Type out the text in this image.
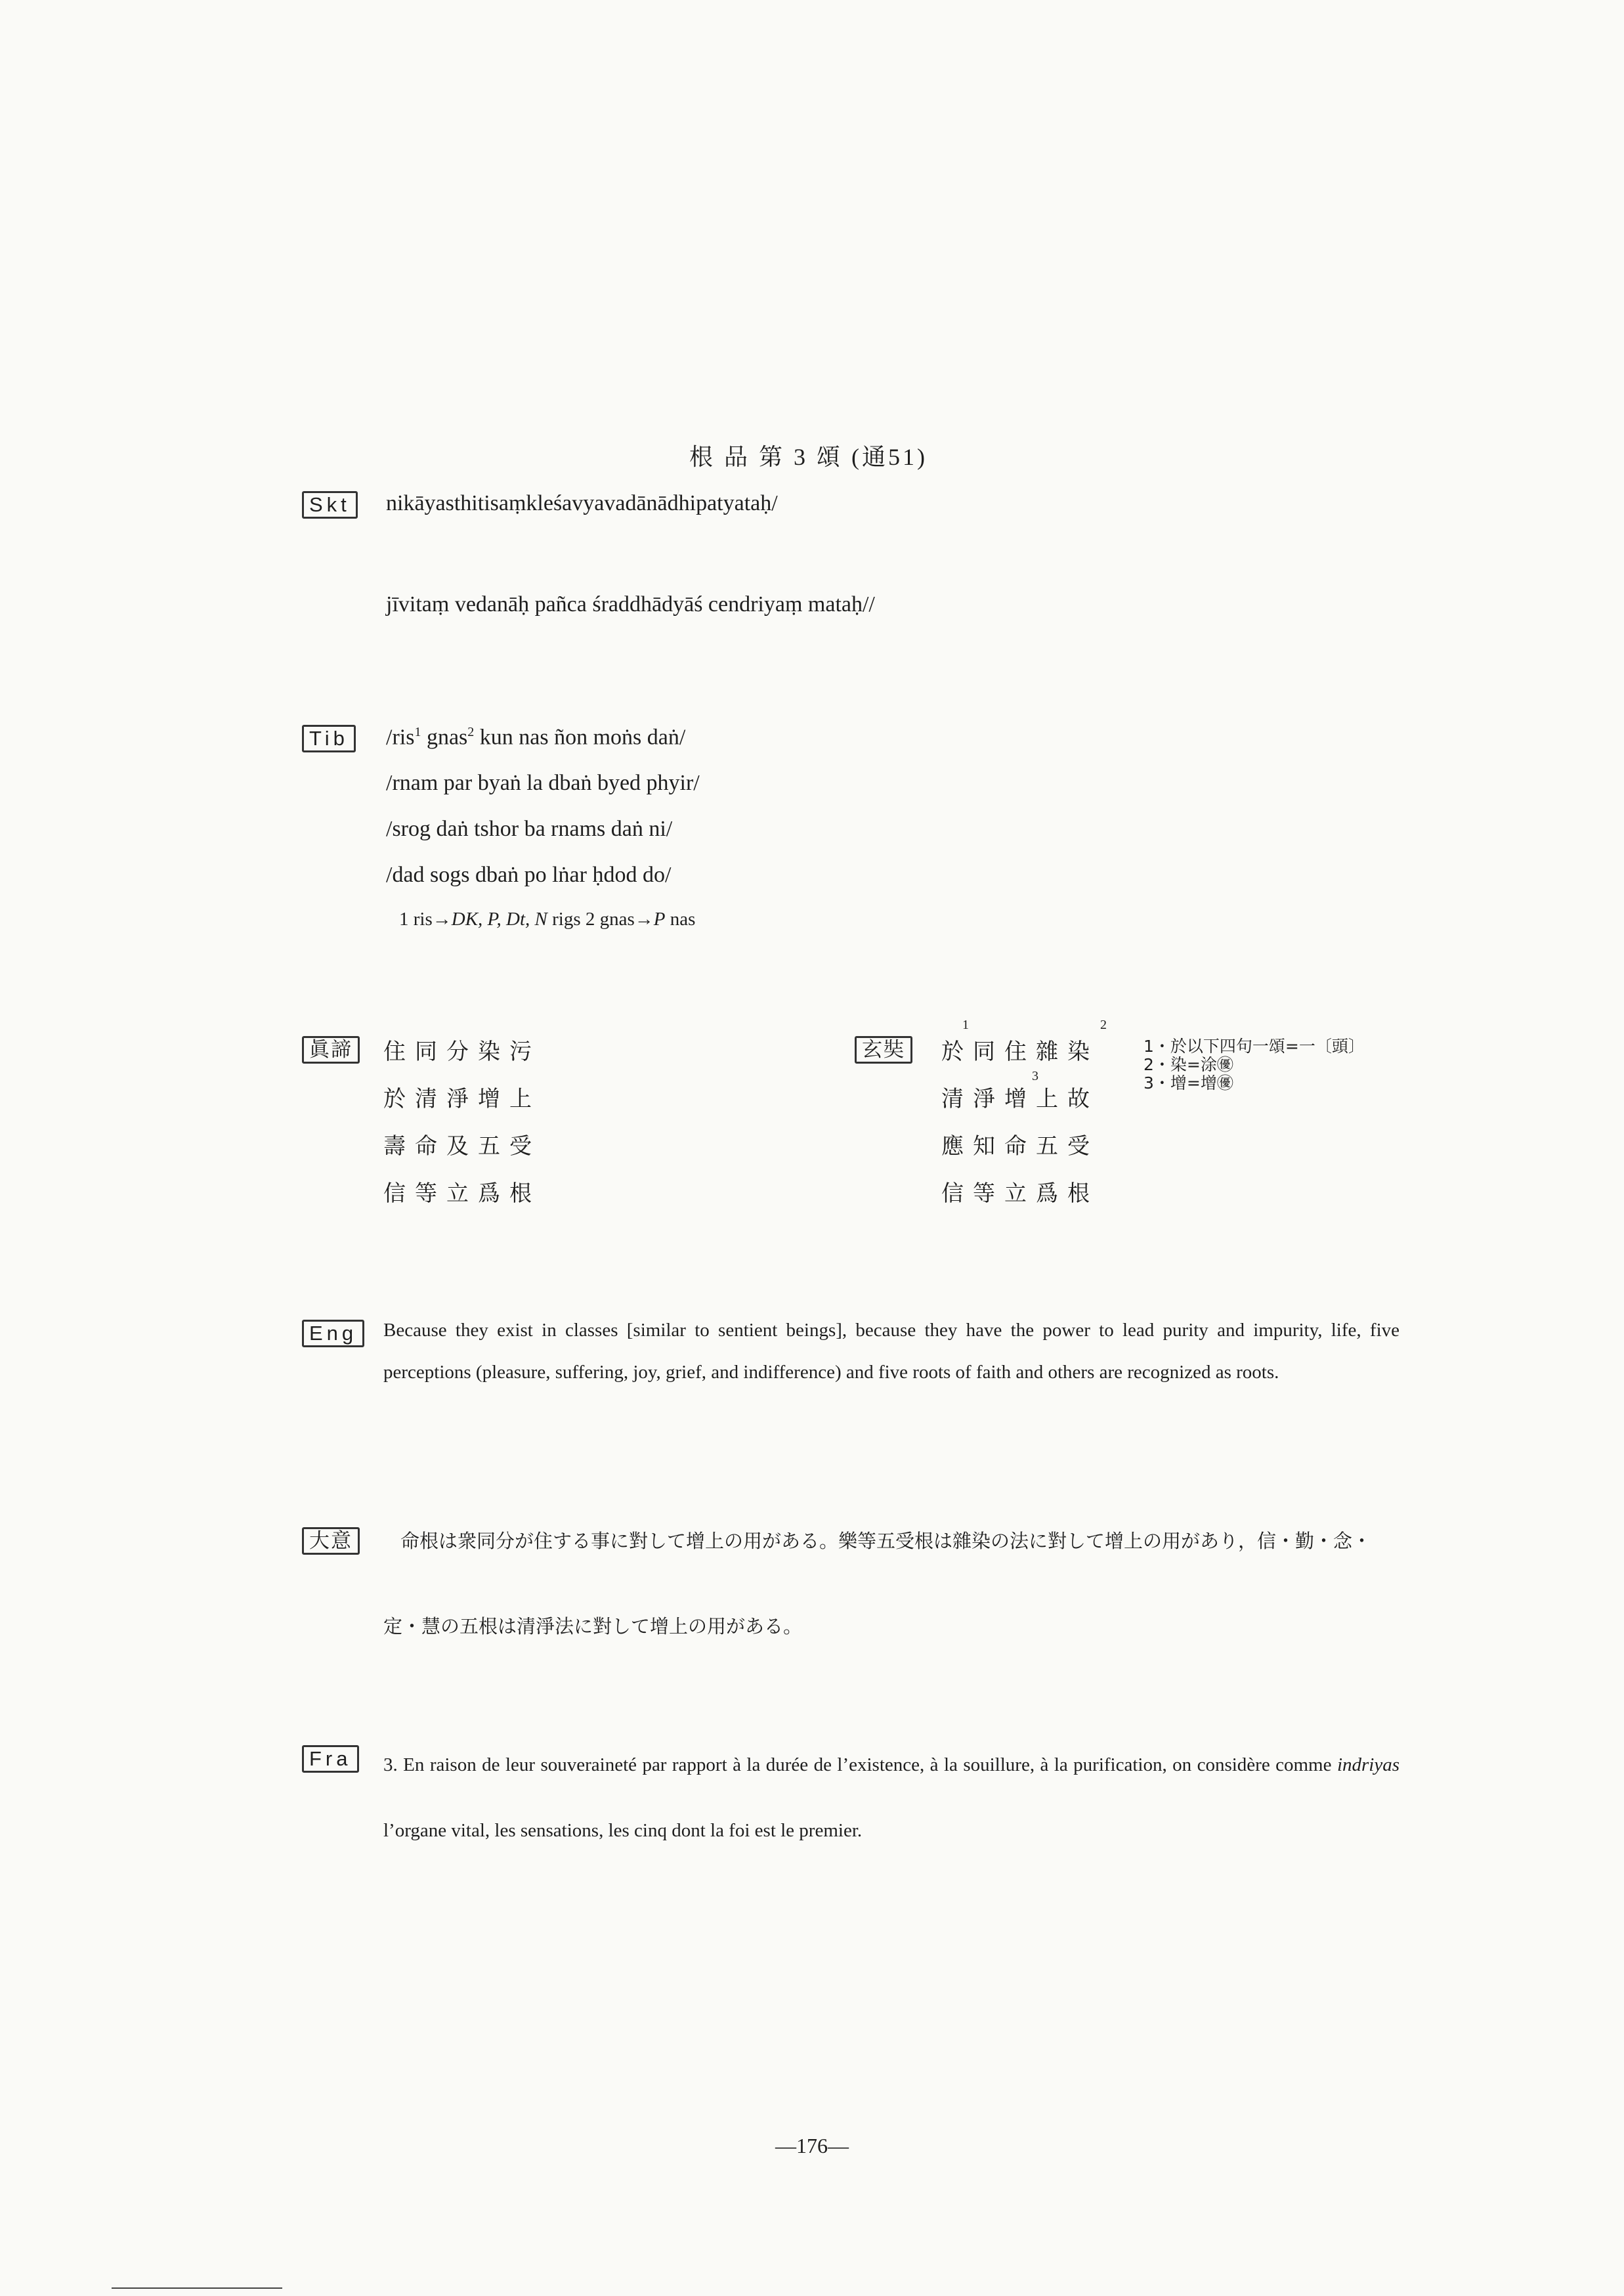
根 品 第 3 頌 (通51)
Skt	nikāyasthitisaṃkleśavyavadānādhipatyataḥ/
jīvitaṃ vedanāḥ pañca śraddhādyāś cendriyaṃ mataḥ//
Tib	/ris$^1$ gnas$^2$ kun nas ñon moṅs daṅ/
/rnam par byaṅ la dbaṅ byed phyir/
/srog daṅ tshor ba rnams daṅ ni/
/dad sogs dbaṅ po lṅar ḥdod do/
1 ris→DK, P, Dt, N rigs 2 gnas→P nas
眞諦	住同分染污
於清淨增上
壽命及五受
信等立爲根
玄奘	於同住雜染
清淨增上故
應知命五受
信等立爲根
1	2
3
1・於以下四句一頌=一〔頭〕
2・染=涂㊝
3・增=增㊝
Eng	Because they exist in classes [similar to sentient beings], because they have the power to lead purity and impurity, life, five perceptions (pleasure, suffering, joy, grief, and indifference) and five roots of faith and others are recognized as roots.
大意	命根は衆同分が住する事に對して增上の用がある。樂等五受根は雜染の法に對して增上の用があり，信・勤・念・定・慧の五根は清淨法に對して增上の用がある。
Fra	3. En raison de leur souveraineté par rapport à la durée de l’existence, à la souillure, à la purification, on considère comme indriyas l’organe vital, les sensations, les cinq dont la foi est le premier.
—176—
